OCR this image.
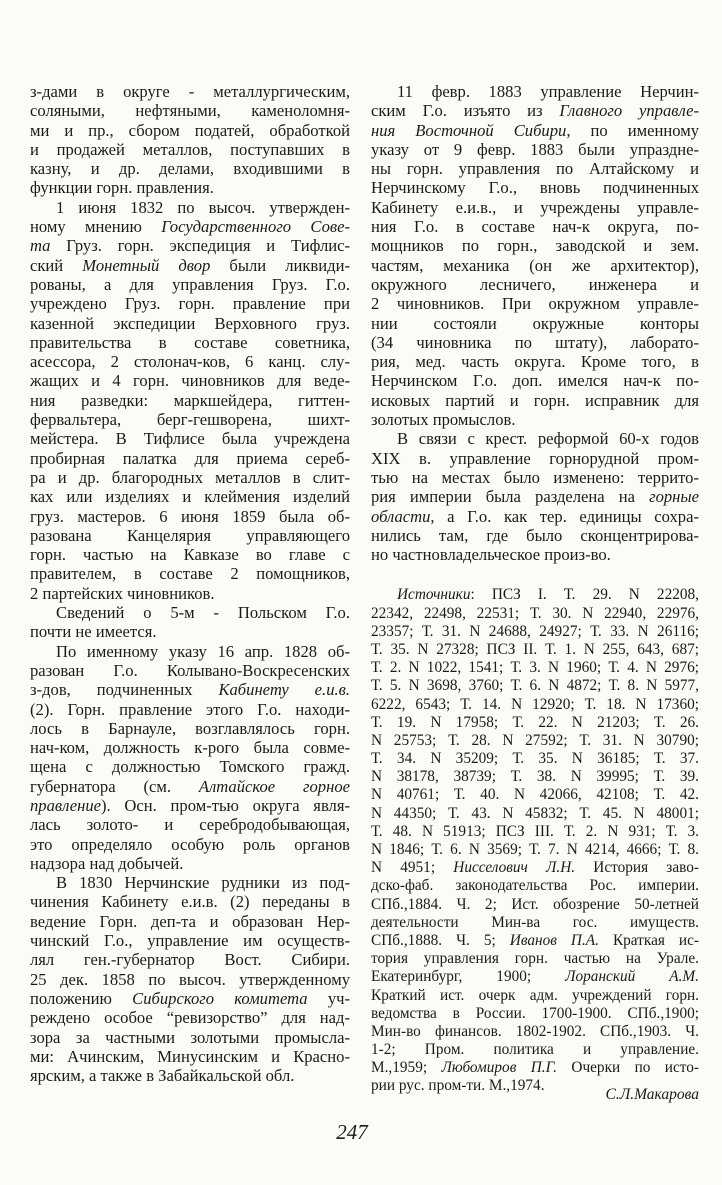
з-дами в округе - металлургическим,
соляными, нефтяными, каменоломня-
ми и пр., сбором податей, обработкой
и продажей металлов, поступавших в
казну, и др. делами, входившими в
функции горн. правления.
1 июня 1832 по высоч. утвержден-
ному мнению Государственного Сове-
та Груз. горн. экспедиция и Тифлис-
ский Монетный двор были ликвиди-
рованы, а для управления Груз. Г.о.
учреждено Груз. горн. правление при
казенной экспедиции Верховного груз.
правительства в составе советника,
асессора, 2 столонач-ков, 6 канц. слу-
жащих и 4 горн. чиновников для веде-
ния разведки: маркшейдера, гиттен-
фервальтера, берг-гешворена, шихт-
мейстера. В Тифлисе была учреждена
пробирная палатка для приема сереб-
ра и др. благородных металлов в слит-
ках или изделиях и клеймения изделий
груз. мастеров. 6 июня 1859 была об-
разована Канцелярия управляющего
горн. частью на Кавказе во главе с
правителем, в составе 2 помощников,
2 партейских чиновников.
Сведений о 5-м - Польском Г.о.
почти не имеется.
По именному указу 16 апр. 1828 об-
разован Г.о. Колывано-Воскресенских
з-дов, подчиненных Кабинету е.и.в.
(2). Горн. правление этого Г.о. находи-
лось в Барнауле, возглавлялось горн.
нач-ком, должность к-рого была совме-
щена с должностью Томского гражд.
губернатора (см. Алтайское горное
правление). Осн. пром-тью округа явля-
лась золото- и серебродобывающая,
это определяло особую роль органов
надзора над добычей.
В 1830 Нерчинские рудники из под-
чинения Кабинету е.и.в. (2) переданы в
ведение Горн. деп-та и образован Нер-
чинский Г.о., управление им осуществ-
лял ген.-губернатор Вост. Сибири.
25 дек. 1858 по высоч. утвержденному
положению Сибирского комитета уч-
реждено особое “ревизорство” для над-
зора за частными золотыми промысла-
ми: Ачинским, Минусинским и Красно-
ярским, а также в Забайкальской обл.
11 февр. 1883 управление Нерчин-
ским Г.о. изъято из Главного управле-
ния Восточной Сибири, по именному
указу от 9 февр. 1883 были упраздне-
ны горн. управления по Алтайскому и
Нерчинскому Г.о., вновь подчиненных
Кабинету е.и.в., и учреждены управле-
ния Г.о. в составе нач-к округа, по-
мощников по горн., заводской и зем.
частям, механика (он же архитектор),
окружного лесничего, инженера и
2 чиновников. При окружном управле-
нии состояли окружные конторы
(34 чиновника по штату), лаборато-
рия, мед. часть округа. Кроме того, в
Нерчинском Г.о. доп. имелся нач-к по-
исковых партий и горн. исправник для
золотых промыслов.
В связи с крест. реформой 60-х годов
XIX в. управление горнорудной пром-
тью на местах было изменено: террито-
рия империи была разделена на горные
области, а Г.о. как тер. единицы сохра-
нились там, где было сконцентрирова-
но частновладельческое произ-во.
Источники: ПСЗ I. Т. 29. N 22208,
22342, 22498, 22531; Т. 30. N 22940, 22976,
23357; Т. 31. N 24688, 24927; Т. 33. N 26116;
Т. 35. N 27328; ПСЗ II. Т. 1. N 255, 643, 687;
Т. 2. N 1022, 1541; Т. 3. N 1960; Т. 4. N 2976;
Т. 5. N 3698, 3760; Т. 6. N 4872; Т. 8. N 5977,
6222, 6543; Т. 14. N 12920; Т. 18. N 17360;
Т. 19. N 17958; Т. 22. N 21203; Т. 26.
N 25753; Т. 28. N 27592; Т. 31. N 30790;
Т. 34. N 35209; Т. 35. N 36185; Т. 37.
N 38178, 38739; Т. 38. N 39995; Т. 39.
N 40761; Т. 40. N 42066, 42108; Т. 42.
N 44350; Т. 43. N 45832; Т. 45. N 48001;
Т. 48. N 51913; ПСЗ III. Т. 2. N 931; Т. 3.
N 1846; Т. 6. N 3569; Т. 7. N 4214, 4666; Т. 8.
N 4951; Нисселович Л.Н. История заво-
дско-фаб. законодательства Рос. империи.
СПб.,1884. Ч. 2; Ист. обозрение 50-летней
деятельности Мин-ва гос. имуществ.
СПб.,1888. Ч. 5; Иванов П.А. Краткая ис-
тория управления горн. частью на Урале.
Екатеринбург, 1900; Лоранский А.М.
Краткий ист. очерк адм. учреждений горн.
ведомства в России. 1700-1900. СПб.,1900;
Мин-во финансов. 1802-1902. СПб.,1903. Ч.
1-2; Пром. политика и управление.
М.,1959; Любомиров П.Г. Очерки по исто-
рии рус. пром-ти. М.,1974.
С.Л.Макарова
247
